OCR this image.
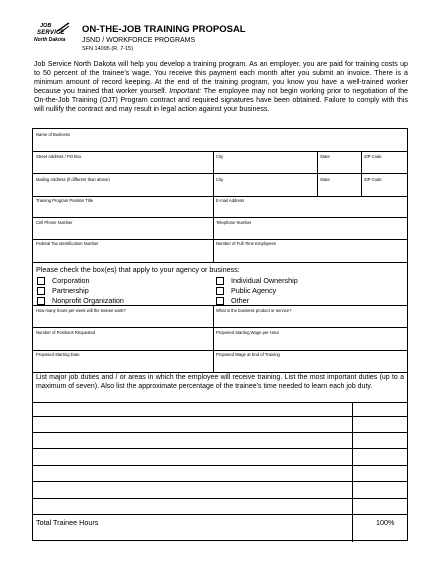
JOB
SERVICE
North Dakota
ON-THE-JOB TRAINING PROPOSAL
JSND / WORKFORCE PROGRAMS
SFN 14095 (R. 7-15)
Job Service North Dakota will help you develop a training program. As an employer, you are paid for training costs up to 50 percent of the trainee’s wage. You receive this payment each month after you submit an invoice. There is a minimum amount of record keeping. At the end of the training program, you know you have a well-trained worker because you trained that worker yourself. Important: The employee may not begin working prior to negotiation of the On-the-Job Training (OJT) Program contract and required signatures have been obtained. Failure to comply with this will nullify the contract and may result in legal action against your business.
Name of Business
Street Address / PO Box	City	State	ZIP Code
Mailing Address (if different than above)	City	State	ZIP Code
Training Program Position Title	E-mail Address
Cell Phone Number	Telephone Number
Federal Tax Identification Number	Number of Full-Time Employees
Please check the box(es) that apply to your agency or business:
Corporation
Partnership
Nonprofit Organization
Individual Ownership
Public Agency
Other
How many hours per week will the trainee work?	What is the business product or service?
Number of Positions Requested	Proposed Starting Wage per Hour
Proposed Starting Date	Proposed Wage at End of Training
List major job duties and / or areas in which the employee will receive training. List the most important duties (up to a maximum of seven). Also list the approximate percentage of the trainee’s time needed to learn each job duty.
Total Trainee Hours	100%
